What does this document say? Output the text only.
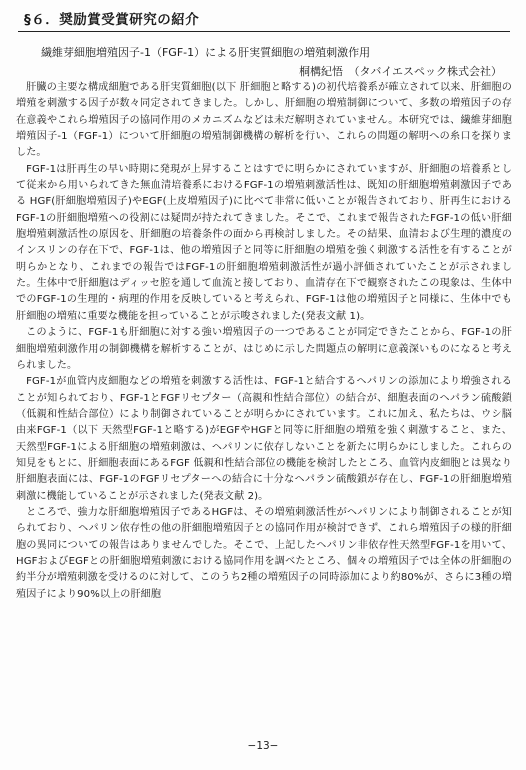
§６．奨励賞受賞研究の紹介
繊維芽細胞増殖因子-1（FGF-1）による肝実質細胞の増殖刺激作用
桐構紀悟　（タバイエスペック株式会社）

肝臓の主要な構成細胞である肝実質細胞(以下 肝細胞と略する)の初代培養系が確立されて以来、肝細胞の増殖を刺激する因子が数々同定されてきました。しかし、肝細胞の増殖制御について、多数の増殖因子の存在意義やこれら増殖因子の協同作用のメカニズムなどは未だ解明されていません。本研究では、繊維芽細胞増殖因子-1（FGF-1）について肝細胞の増殖制御機構の解析を行い、これらの問題の解明への糸口を探りました。

FGF-1は肝再生の早い時期に発現が上昇することはすでに明らかにされていますが、肝細胞の培養系として従来から用いられてきた無血清培養系におけるFGF-1の増殖刺激活性は、既知の肝細胞増殖刺激因子である HGF(肝細胞増殖因子)やEGF(上皮増殖因子)に比べて非常に低いことが報告されており、肝再生におけるFGF-1の肝細胞増殖への役割には疑問が持たれてきました。そこで、これまで報告されたFGF-1の低い肝細胞増殖刺激活性の原因を、肝細胞の培養条件の面から再検討しました。その結果、血清および生理的濃度のインスリンの存在下で、FGF-1は、他の増殖因子と同等に肝細胞の増殖を強く刺激する活性を有することが明らかとなり、これまでの報告ではFGF-1の肝細胞増殖刺激活性が過小評価されていたことが示されました。生体中で肝細胞はディッセ腔を通して血流と接しており、血清存在下で観察されたこの現象は、生体中でのFGF-1の生理的・病理的作用を反映していると考えられ、FGF-1は他の増殖因子と同様に、生体中でも肝細胞の増殖に重要な機能を担っていることが示唆されました(発表文献 1)。

このように、FGF-1も肝細胞に対する強い増殖因子の一つであることが同定できたことから、FGF-1の肝細胞増殖刺激作用の制御機構を解析することが、はじめに示した問題点の解明に意義深いものになると考えられました。

FGF-1が血管内皮細胞などの増殖を刺激する活性は、FGF-1と結合するヘパリンの添加により増強されることが知られており、FGF-1とFGFリセプター（高親和性結合部位）の結合が、細胞表面のヘパラン硫酸鎖（低親和性結合部位）により制御されていることが明らかにされています。これに加え、私たちは、ウシ脳由来FGF-1（以下 天然型FGF-1と略する)がEGFやHGFと同等に肝細胞の増殖を強く刺激すること、また、天然型FGF-1による肝細胞の増殖刺激は、ヘパリンに依存しないことを新たに明らかにしました。これらの知見をもとに、肝細胞表面にあるFGF 低親和性結合部位の機能を検討したところ、血管内皮細胞とは異なり肝細胞表面には、FGF-1のFGFリセプターへの結合に十分なヘパラン硫酸鎖が存在し、FGF-1の肝細胞増殖刺激に機能していることが示されました(発表文献 2)。

ところで、強力な肝細胞増殖因子であるHGFは、その増殖刺激活性がヘパリンにより制御されることが知られており、ヘパリン依存性の他の肝細胞増殖因子との協同作用が検討できず、これら増殖因子の様的肝細胞の異同についての報告はありませんでした。そこで、上記したヘパリン非依存性天然型FGF-1を用いて、HGFおよびEGFとの肝細胞増殖刺激における協同作用を調べたところ、個々の増殖因子では全体の肝細胞の約半分が増殖刺激を受けるのに対して、このうち2種の増殖因子の同時添加により約80%が、さらに3種の増殖因子により90%以上の肝細胞

−13−
